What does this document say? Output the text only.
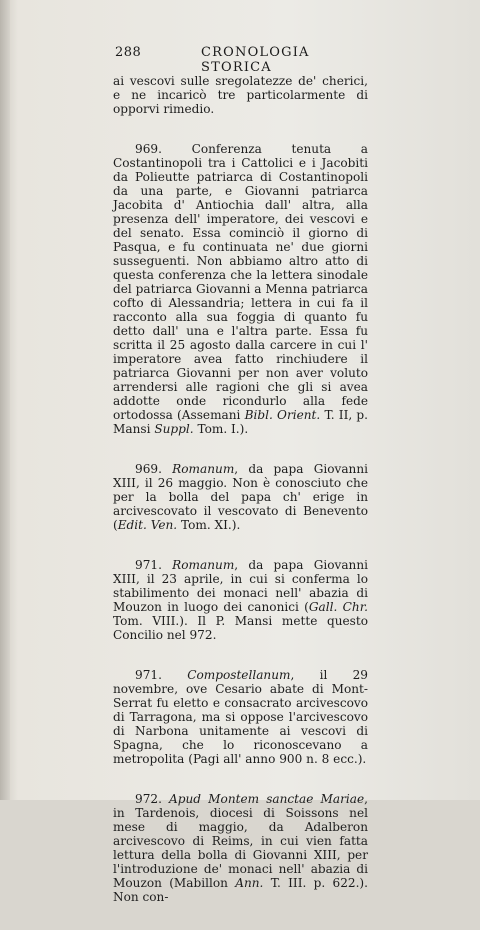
288	CRONOLOGIA STORICA

ai vescovi sulle sregolatezze de' cherici, e ne incaricò tre particolarmente di opporvi rimedio.

969. Conferenza tenuta a Costantinopoli tra i Cattolici e i Jacobiti da Polieutte patriarca di Costantinopoli da una parte, e Giovanni patriarca Jacobita d' Antiochia dall' altra, alla presenza dell' imperatore, dei vescovi e del senato. Essa cominciò il giorno di Pasqua, e fu continuata ne' due giorni susseguenti. Non abbiamo altro atto di questa conferenza che la lettera sinodale del patriarca Giovanni a Menna patriarca cofto di Alessandria; lettera in cui fa il racconto alla sua foggia di quanto fu detto dall' una e l'altra parte. Essa fu scritta il 25 agosto dalla carcere in cui l' imperatore avea fatto rinchiudere il patriarca Giovanni per non aver voluto arrendersi alle ragioni che gli si avea addotte onde ricondurlo alla fede ortodossa (Assemani Bibl. Orient. T. II, p. Mansi Suppl. Tom. I.).

969. Romanum, da papa Giovanni XIII, il 26 maggio. Non è conosciuto che per la bolla del papa ch' erige in arcivescovato il vescovato di Benevento (Edit. Ven. Tom. XI.).

971. Romanum, da papa Giovanni XIII, il 23 aprile, in cui si conferma lo stabilimento dei monaci nell' abazia di Mouzon in luogo dei canonici (Gall. Chr. Tom. VIII.). Il P. Mansi mette questo Concilio nel 972.

971. Compostellanum, il 29 novembre, ove Cesario abate di Mont-Serrat fu eletto e consacrato arcivescovo di Tarragona, ma si oppose l'arcivescovo di Narbona unitamente ai vescovi di Spagna, che lo riconoscevano a metropolita (Pagi all' anno 900 n. 8 ecc.).

972. Apud Montem sanctae Mariae, in Tardenois, diocesi di Soissons nel mese di maggio, da Adalberon arcivescovo di Reims, in cui vien fatta lettura della bolla di Giovanni XIII, per l'introduzione de' monaci nell' abazia di Mouzon (Mabillon Ann. T. III. p. 622.). Non con-
